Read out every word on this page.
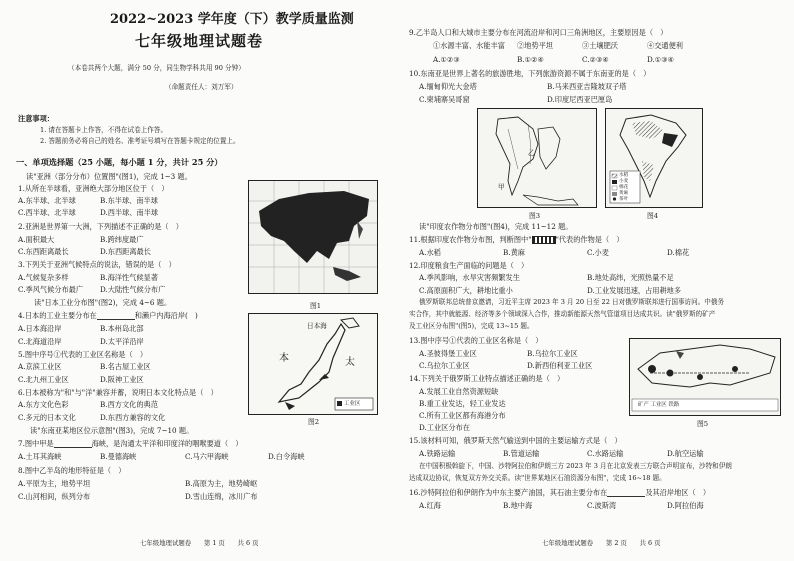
2022~2023 学年度（下）教学质量监测
七年级地理试题卷
（本卷共两个大题，满分 50 分，同生物学科共用 90 分钟）
（命题责任人：刘万军）
注意事项：
1. 请在答题卡上作答，不得在试卷上作答。
2. 答题前务必将自己的姓名、准考证号填写在答题卡规定的位置上。
一、单项选择题（25 小题，每小题 1 分，共计 25 分）
读"亚洲（部分分布）位置图"(图1)，完成 1~3 题。
1.从所在半球看，亚洲绝大部分地区位于（　）
A.东半球、北半球	B.东半球、南半球
C.西半球、北半球	D.西半球、南半球
2.亚洲是世界第一大洲，下列描述不正确的是（　）
A.面积最大	B.跨纬度最广
C.东西距离最长	D.东西距离最长
3.下列关于亚洲气候特点的说法，错误的是（　）
A.气候复杂多样	B.海洋性气候显著
C.季风气候分布最广 D.大陆性气候分布广
读"日本工业分布图"(图2)，完成 4~6 题。
4.日本的工业主要分布在	和濑户内海沿岸(　)
A.日本海沿岸	B.本州岛北部
C.北海道沿岸	D.太平洋沿岸
5.图中序号①代表的工业区名称是（　）
A.京滨工业区	B.名古屋工业区
C.北九州工业区	D.阪神工业区
6.日本被称为"和"与"洋"兼容并蓄，说明日本文化特点是（　）
A.东方文化色彩	B.西方文化的典范
C.多元的日本文化	D.东西方兼容的文化
读"东南亚某地区位示意图"(图3)，完成 7~10 题。
7.图中甲是	海峡，是沟通太平洋和印度洋的咽喉要道（　）
A.土耳其海峡	B.曼德海峡	C.马六甲海峡	D.白令海峡
8.图中乙半岛的地形特征是（　）
A.平原为主，地势平坦	B.高原为主，地势崎岖
C.山河相间，纵列分布	D.雪山连绵，冰川广布
图1
日本海
本	太
工业区
图2
七年级地理试题卷　　第 1 页　　共 6 页
9.乙半岛人口和大城市主要分布在河流沿岸和河口三角洲地区，主要原因是（　）
①水源丰富、水能丰富 ②地势平坦	③土壤肥沃	④交通便利
A.①②③	B.①②④	C.②③④	D.①③④
10.东南亚是世界上著名的旅游胜地，下列旅游资源不属于东南亚的是（　）
A.缅甸仰光大金塔	B.马来西亚吉隆坡双子塔
C.柬埔寨吴哥窟	D.印度尼西亚巴厘岛
甲
乙
图3
水稻
小麦
棉花
黄麻
茶叶
图4
读"印度农作物分布图"(图4)，完成 11~12 题。
11.根据印度农作物分布图，判断图中"	"代表的作物是（　）
A.水稻	B.黄麻	C.小麦	D.棉花
12.印度粮食生产面临的问题是（　）
A.季风影响，水旱灾害频繁发生	B.地处高纬，光照热量不足
C.高原面积广大，耕地比重小	D.工业发展迅速，占用耕地多
俄罗斯联邦总统普京邀请，习近平主席 2023 年 3 月 20 日至 22 日对俄罗斯联邦进行国事访问。中俄务
实合作，其中就能源、经济等多个领域深入合作，推动新能源天然气管道项目达成共识。读"俄罗斯的矿产
及工业区分布图"(图5)，完成 13~15 题。
13.图中序号①代表的工业区名称是（　）
A.圣彼得堡工业区	B.乌拉尔工业区
C.乌拉尔工业区	D.新西伯利亚工业区
14.下列关于俄罗斯工业特点描述正确的是（　）
A.发展工业自然资源短缺
B.重工业发达，轻工业发达
C.所有工业区都有海港分布
D.工业区分布在
矿产 工业区 铁路
图5
15.该材料可知，俄罗斯天然气输送到中国的主要运输方式是（　）
A.铁路运输	B.管道运输	C.水路运输	D.航空运输
在中国积极斡旋下，中国、沙特阿拉伯和伊朗三方 2023 年 3 月在北京发表三方联合声明宣布，沙特和伊朗
达成双边协议，恢复双方外交关系。读"世界某地区石油资源分布图"，完成 16~18 题。
16.沙特阿拉伯和伊朗作为中东主要产油国，其石油主要分布在	及其沿岸地区（　）
A.红海	B.地中海	C.波斯湾	D.阿拉伯海
七年级地理试题卷　　第 2 页　　共 6 页
